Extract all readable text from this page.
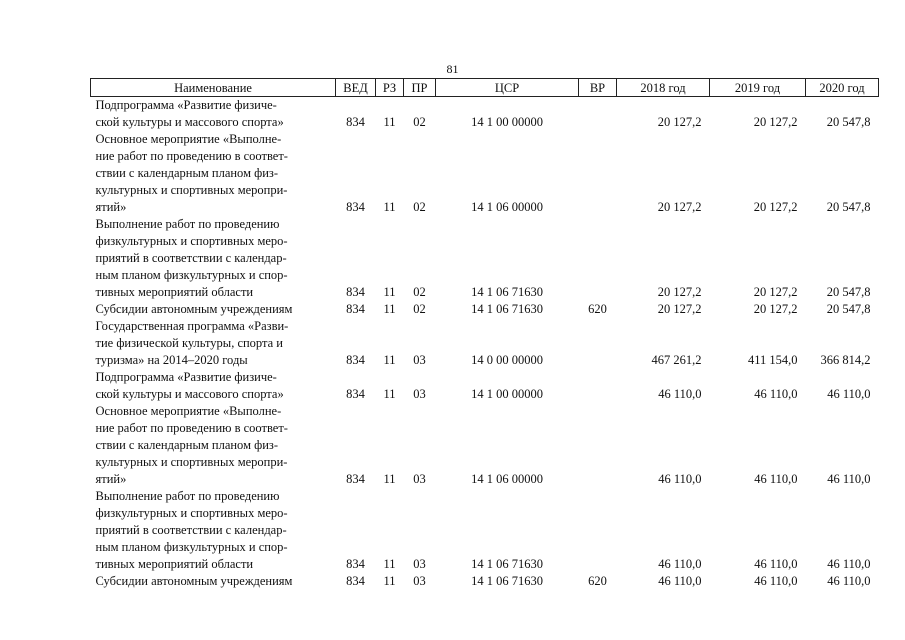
81
Наименование	ВЕД	РЗ	ПР	ЦСР	ВР	2018 год	2019 год	2020 год

Подпрограмма «Развитие физиче-
ской культуры и массового спорта»	834	11	02	14 1 00 00000		20 127,2	20 127,2	20 547,8

Основное мероприятие «Выполне-
ние работ по проведению в соответ-
ствии с календарным планом физ-
культурных и спортивных меропри-
ятий»	834	11	02	14 1 06 00000		20 127,2	20 127,2	20 547,8

Выполнение работ по проведению
физкультурных и спортивных меро-
приятий в соответствии с календар-
ным планом физкультурных и спор-
тивных мероприятий области	834	11	02	14 1 06 71630		20 127,2	20 127,2	20 547,8

Субсидии автономным учреждениям	834	11	02	14 1 06 71630	620	20 127,2	20 127,2	20 547,8

Государственная программа «Разви-
тие физической культуры, спорта и
туризма» на 2014–2020 годы	834	11	03	14 0 00 00000		467 261,2	411 154,0	366 814,2

Подпрограмма «Развитие физиче-
ской культуры и массового спорта»	834	11	03	14 1 00 00000		46 110,0	46 110,0	46 110,0

Основное мероприятие «Выполне-
ние работ по проведению в соответ-
ствии с календарным планом физ-
культурных и спортивных меропри-
ятий»	834	11	03	14 1 06 00000		46 110,0	46 110,0	46 110,0

Выполнение работ по проведению
физкультурных и спортивных меро-
приятий в соответствии с календар-
ным планом физкультурных и спор-
тивных мероприятий области	834	11	03	14 1 06 71630		46 110,0	46 110,0	46 110,0

Субсидии автономным учреждениям	834	11	03	14 1 06 71630	620	46 110,0	46 110,0	46 110,0
